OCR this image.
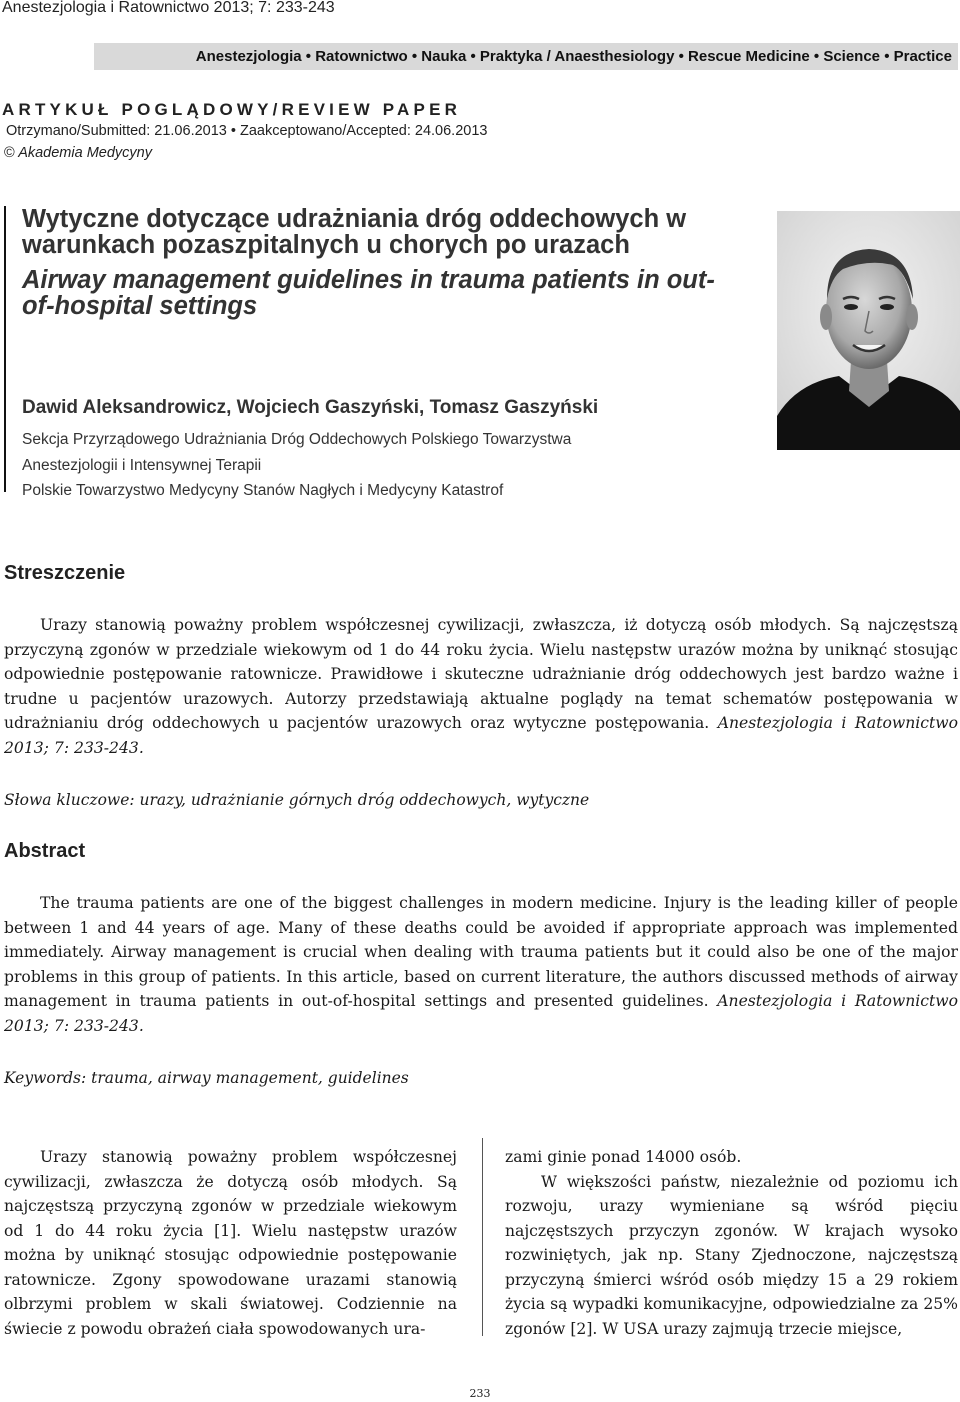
Anestezjologia i Ratownictwo 2013; 7: 233-243
Anestezjologia • Ratownictwo • Nauka • Praktyka / Anaesthesiology • Rescue Medicine • Science • Practice
ARTYKUŁ POGLĄDOWY/REVIEW PAPER
Otrzymano/Submitted: 21.06.2013 • Zaakceptowano/Accepted: 24.06.2013
© Akademia Medycyny
Wytyczne dotyczące udrażniania dróg oddechowych w warunkach pozaszpitalnych u chorych po urazach
Airway management guidelines in trauma patients in out-of-hospital settings
Dawid Aleksandrowicz, Wojciech Gaszyński, Tomasz Gaszyński
Sekcja Przyrządowego Udrażniania Dróg Oddechowych Polskiego Towarzystwa
Anestezjologii i Intensywnej Terapii
Polskie Towarzystwo Medycyny Stanów Nagłych i Medycyny Katastrof
Streszczenie

Urazy stanowią poważny problem współczesnej cywilizacji, zwłaszcza, iż dotyczą osób młodych. Są najczęstszą przyczyną zgonów w przedziale wiekowym od 1 do 44 roku życia. Wielu następstw urazów można by uniknąć stosując odpowiednie postępowanie ratownicze. Prawidłowe i skuteczne udrażnianie dróg oddechowych jest bardzo ważne i trudne u pacjentów urazowych. Autorzy przedstawiają aktualne poglądy na temat schematów postępowania w udrażnianiu dróg oddechowych u pacjentów urazowych oraz wytyczne postępowania. Anestezjologia i Ratownictwo 2013; 7: 233-243.

Słowa kluczowe: urazy, udrażnianie górnych dróg oddechowych, wytyczne
Abstract

The trauma patients are one of the biggest challenges in modern medicine. Injury is the leading killer of people between 1 and 44 years of age. Many of these deaths could be avoided if appropriate approach was implemented immediately. Airway management is crucial when dealing with trauma patients but it could also be one of the major problems in this group of patients. In this article, based on current literature, the authors discussed methods of airway management in trauma patients in out-of-hospital settings and presented guidelines. Anestezjologia i Ratownictwo 2013; 7: 233-243.

Keywords: trauma, airway management, guidelines

Urazy stanowią poważny problem współczesnej cywilizacji, zwłaszcza że dotyczą osób młodych. Są najczęstszą przyczyną zgonów w przedziale wiekowym od 1 do 44 roku życia [1]. Wielu następstw urazów można by uniknąć stosując odpowiednie postępowanie ratownicze. Zgony spowodowane urazami stanowią olbrzymi problem w skali światowej. Codziennie na świecie z powodu obrażeń ciała spowodowanych ura-

zami ginie ponad 14000 osób.

W większości państw, niezależnie od poziomu ich rozwoju, urazy wymieniane są wśród pięciu najczęstszych przyczyn zgonów. W krajach wysoko rozwiniętych, jak np. Stany Zjednoczone, najczęstszą przyczyną śmierci wśród osób między 15 a 29 rokiem życia są wypadki komunikacyjne, odpowiedzialne za 25% zgonów [2]. W USA urazy zajmują trzecie miejsce,

233
